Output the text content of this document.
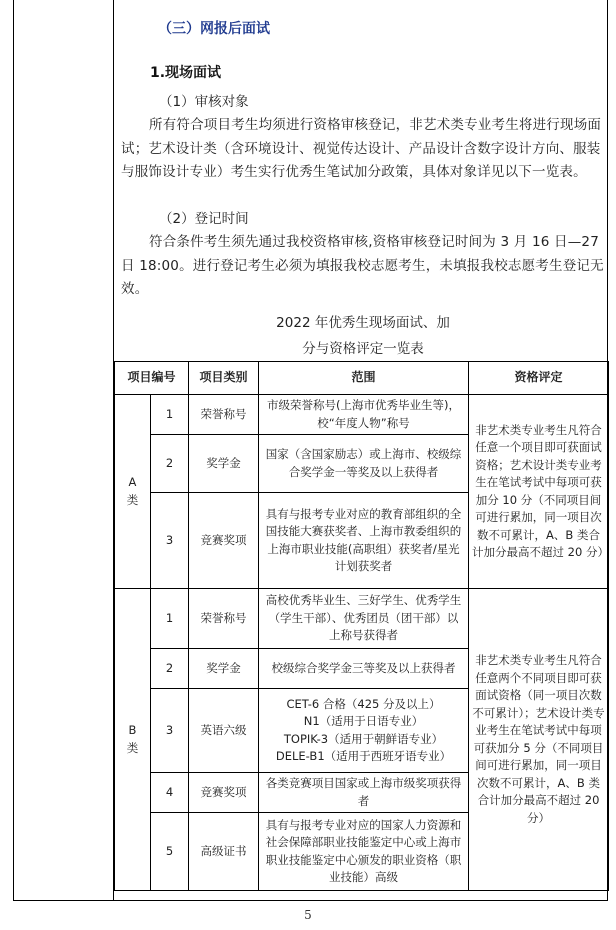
（三）网报后面试
1.现场面试
（1）审核对象
所有符合项目考生均须进行资格审核登记，非艺术类专业考生将进行现场面试；艺术设计类（含环境设计、视觉传达设计、产品设计含数字设计方向、服装与服饰设计专业）考生实行优秀生笔试加分政策，具体对象详见以下一览表。
（2）登记时间
符合条件考生须先通过我校资格审核,资格审核登记时间为 3 月 16 日—27 日 18:00。进行登记考生必须为填报我校志愿考生，未填报我校志愿考生登记无效。
2022 年优秀生现场面试、加
分与资格评定一览表
项目编号		项目类别	范围	资格评定
A类	1	荣誉称号	市级荣誉称号(上海市优秀毕业生等)，校“年度人物”称号	非艺术类专业考生凡符合任意一个项目即可获面试资格；艺术设计类专业考生在笔试考试中每项可获加分 10 分（不同项目间可进行累加，同一项目次数不可累计，A、B 类合计加分最高不超过 20 分）
	2	奖学金	国家（含国家励志）或上海市、校级综合奖学金一等奖及以上获得者	
	3	竞赛奖项	具有与报考专业对应的教育部组织的全国技能大赛获奖者、上海市教委组织的上海市职业技能(高职组）获奖者/星光计划获奖者	
B类	1	荣誉称号	高校优秀毕业生、三好学生、优秀学生（学生干部）、优秀团员（团干部）以上称号获得者	非艺术类专业考生凡符合任意两个不同项目即可获面试资格（同一项目次数不可累计）；艺术设计类专业考生在笔试考试中每项可获加分 5 分（不同项目间可进行累加，同一项目次数不可累计，A、B 类合计加分最高不超过 20 分）
	2	奖学金	校级综合奖学金三等奖及以上获得者	
	3	英语六级	CET-6 合格（425 分及以上）
N1（适用于日语专业）
TOPIK-3（适用于朝鲜语专业）
DELE-B1（适用于西班牙语专业）	

	4	竞赛奖项	各类竞赛项目国家或上海市级奖项获得者	
	5	高级证书	具有与报考专业对应的国家人力资源和社会保障部职业技能鉴定中心或上海市职业技能鉴定中心颁发的职业资格（职业技能）高级	
5
